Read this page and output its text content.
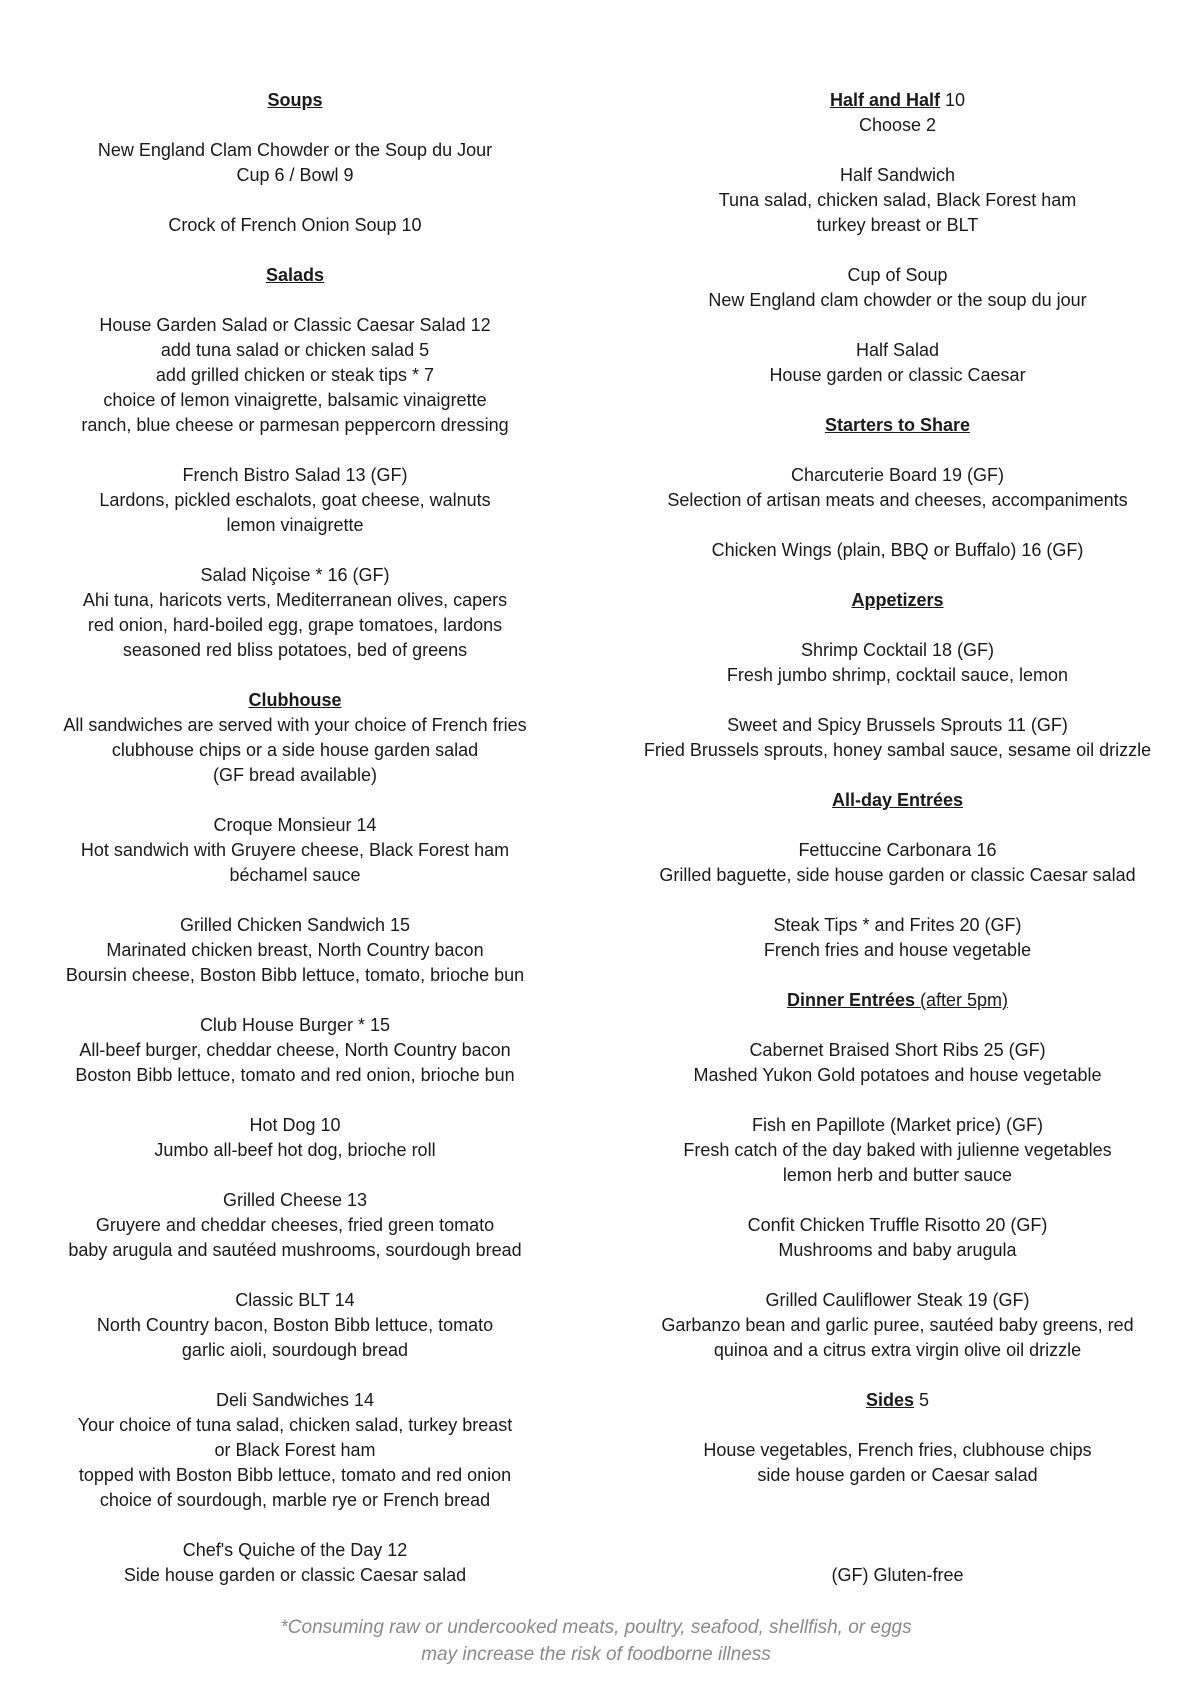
Soups
New England Clam Chowder or the Soup du Jour
Cup 6 / Bowl 9
Crock of French Onion Soup 10
Salads
House Garden Salad or Classic Caesar Salad 12
add tuna salad or chicken salad 5
add grilled chicken or steak tips * 7
choice of lemon vinaigrette, balsamic vinaigrette
ranch, blue cheese or parmesan peppercorn dressing
French Bistro Salad 13 (GF)
Lardons, pickled eschalots, goat cheese, walnuts
lemon vinaigrette
Salad Niçoise * 16 (GF)
Ahi tuna, haricots verts, Mediterranean olives, capers
red onion, hard-boiled egg, grape tomatoes, lardons
seasoned red bliss potatoes, bed of greens
Clubhouse
All sandwiches are served with your choice of French fries
clubhouse chips or a side house garden salad
(GF bread available)
Croque Monsieur 14
Hot sandwich with Gruyere cheese, Black Forest ham
béchamel sauce
Grilled Chicken Sandwich 15
Marinated chicken breast, North Country bacon
Boursin cheese, Boston Bibb lettuce, tomato, brioche bun
Club House Burger * 15
All-beef burger, cheddar cheese, North Country bacon
Boston Bibb lettuce, tomato and red onion, brioche bun
Hot Dog 10
Jumbo all-beef hot dog, brioche roll
Grilled Cheese 13
Gruyere and cheddar cheeses, fried green tomato
baby arugula and sautéed mushrooms, sourdough bread
Classic BLT 14
North Country bacon, Boston Bibb lettuce, tomato
garlic aioli, sourdough bread
Deli Sandwiches 14
Your choice of tuna salad, chicken salad, turkey breast
or Black Forest ham
topped with Boston Bibb lettuce, tomato and red onion
choice of sourdough, marble rye or French bread
Chef's Quiche of the Day 12
Side house garden or classic Caesar salad
Half and Half 10
Choose 2
Half Sandwich
Tuna salad, chicken salad, Black Forest ham
turkey breast or BLT
Cup of Soup
New England clam chowder or the soup du jour
Half Salad
House garden or classic Caesar
Starters to Share
Charcuterie Board 19 (GF)
Selection of artisan meats and cheeses, accompaniments
Chicken Wings (plain, BBQ or Buffalo) 16 (GF)
Appetizers
Shrimp Cocktail 18 (GF)
Fresh jumbo shrimp, cocktail sauce, lemon
Sweet and Spicy Brussels Sprouts 11 (GF)
Fried Brussels sprouts, honey sambal sauce, sesame oil drizzle
All-day Entrées
Fettuccine Carbonara 16
Grilled baguette, side house garden or classic Caesar salad
Steak Tips * and Frites 20 (GF)
French fries and house vegetable
Dinner Entrées (after 5pm)
Cabernet Braised Short Ribs 25 (GF)
Mashed Yukon Gold potatoes and house vegetable
Fish en Papillote (Market price) (GF)
Fresh catch of the day baked with julienne vegetables
lemon herb and butter sauce
Confit Chicken Truffle Risotto 20 (GF)
Mushrooms and baby arugula
Grilled Cauliflower Steak 19 (GF)
Garbanzo bean and garlic puree, sautéed baby greens, red
quinoa and a citrus extra virgin olive oil drizzle
Sides 5
House vegetables, French fries, clubhouse chips
side house garden or Caesar salad
(GF) Gluten-free
*Consuming raw or undercooked meats, poultry, seafood, shellfish, or eggs
may increase the risk of foodborne illness
